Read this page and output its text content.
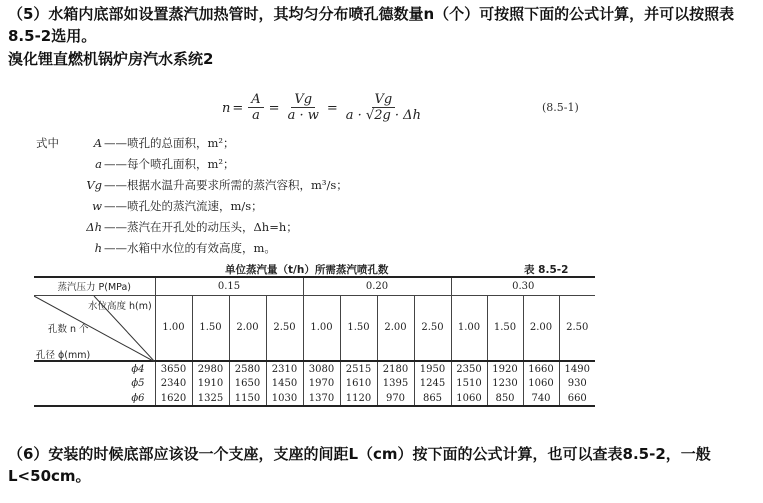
（5）水箱内底部如设置蒸汽加热管时，其均匀分布喷孔德数量n（个）可按照下面的公式计算，并可以按照表8.5-2选用。
溴化锂直燃机锅炉房汽水系统2
$n = \frac{A}{a} = \frac{Vg}{a \cdot w} = \frac{Vg}{a \cdot √2g \cdot \Delta h}$	(8.5-1)
式中	A ——喷孔的总面积，m²；
a ——每个喷孔面积，m²；
Vg ——根据水温升高要求所需的蒸汽容积，m³/s；
w ——喷孔处的蒸汽流速，m/s；
Δh ——蒸汽在开孔处的动压头，Δh=h；
h ——水箱中水位的有效高度，m。
单位蒸汽量（t/h）所需蒸汽喷孔数	表 8.5-2
蒸汽压力 P(MPa)	0.15				0.20				0.30			

水位高度 h(m)
孔数 n 个
孔径 ϕ(mm)	1.00	1.50	2.00	2.50	1.00	1.50	2.00	2.50	1.00	1.50	2.00	2.50
ϕ4	3650	2980	2580	2310	3080	2515	2180	1950	2350	1920	1660	1490
ϕ5	2340	1910	1650	1450	1970	1610	1395	1245	1510	1230	1060	930
ϕ6	1620	1325	1150	1030	1370	1120	970	865	1060	850	740	660
（6）安装的时候底部应该设一个支座，支座的间距L（cm）按下面的公式计算，也可以查表8.5-2，一般L<50cm。
